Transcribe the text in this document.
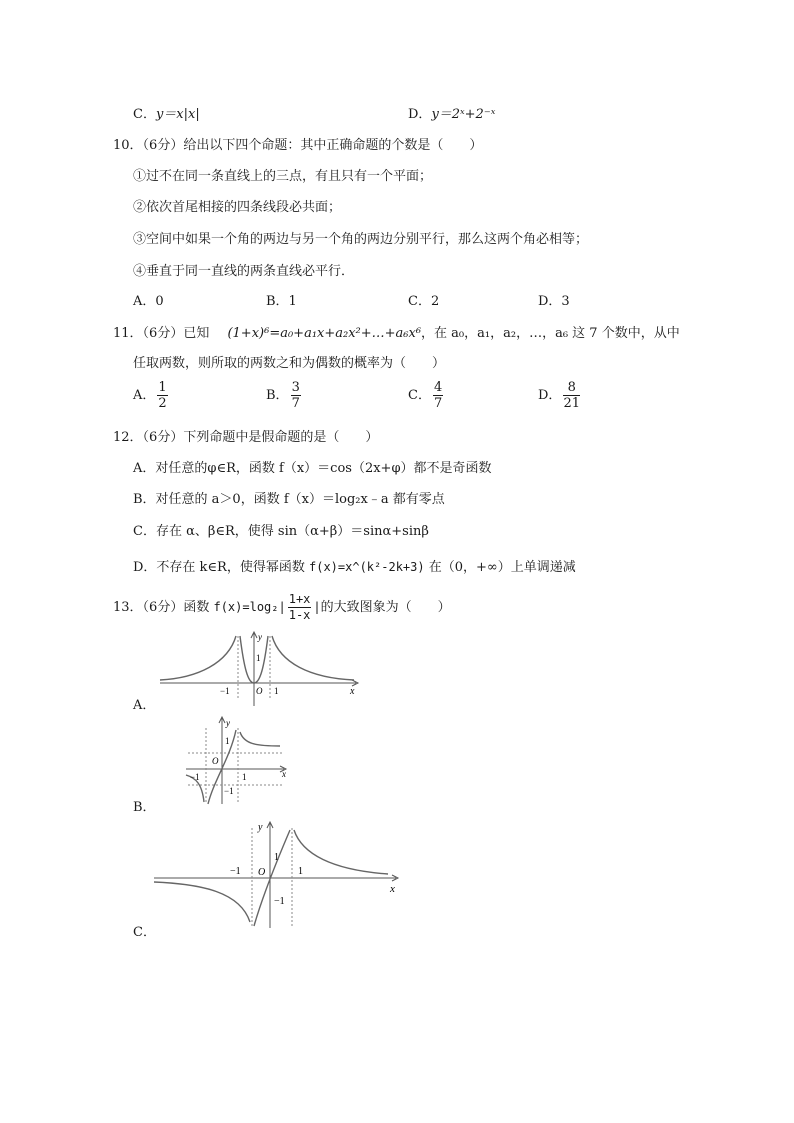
C．y＝x|x|	D．y＝2ˣ+2⁻ˣ
10．（6分）给出以下四个命题：其中正确命题的个数是（　　）
①过不在同一条直线上的三点，有且只有一个平面；
②依次首尾相接的四条线段必共面；
③空间中如果一个角的两边与另一个角的两边分别平行，那么这两个角必相等；
④垂直于同一直线的两条直线必平行．
A．0	B．1	C．2	D．3
11．（6分）已知 (1+x)⁶=a₀+a₁x+a₂x²+…+a₆x⁶，在 a₀，a₁，a₂，…，a₆ 这 7 个数中，从中
任取两数，则所取的两数之和为偶数的概率为（　　）
A． $\frac{1}{2}$	B． $\frac{3}{7}$	C． $\frac{4}{7}$	D． $\frac{8}{21}$
12．（6分）下列命题中是假命题的是（　　）
A．对任意的φ∈R，函数 f（x）＝cos（2x+φ）都不是奇函数
B．对任意的 a＞0，函数 f（x）＝log₂x﹣a 都有零点
C．存在 α、β∈R，使得 sin（α+β）＝sinα+sinβ
D．不存在 k∈R，使得幂函数 f(x)=x^(k²-2k+3) 在（0，+∞）上单调递减
13．（6分）函数 $f(x)=\log_2| \frac{1+x}{1-x}$ |的大致图象为（　　）
y
x
1
−1	O 1
A．
y
x
1
O
−1	1
−1
B．
y
x
1
−1 O	1
−1
C．
